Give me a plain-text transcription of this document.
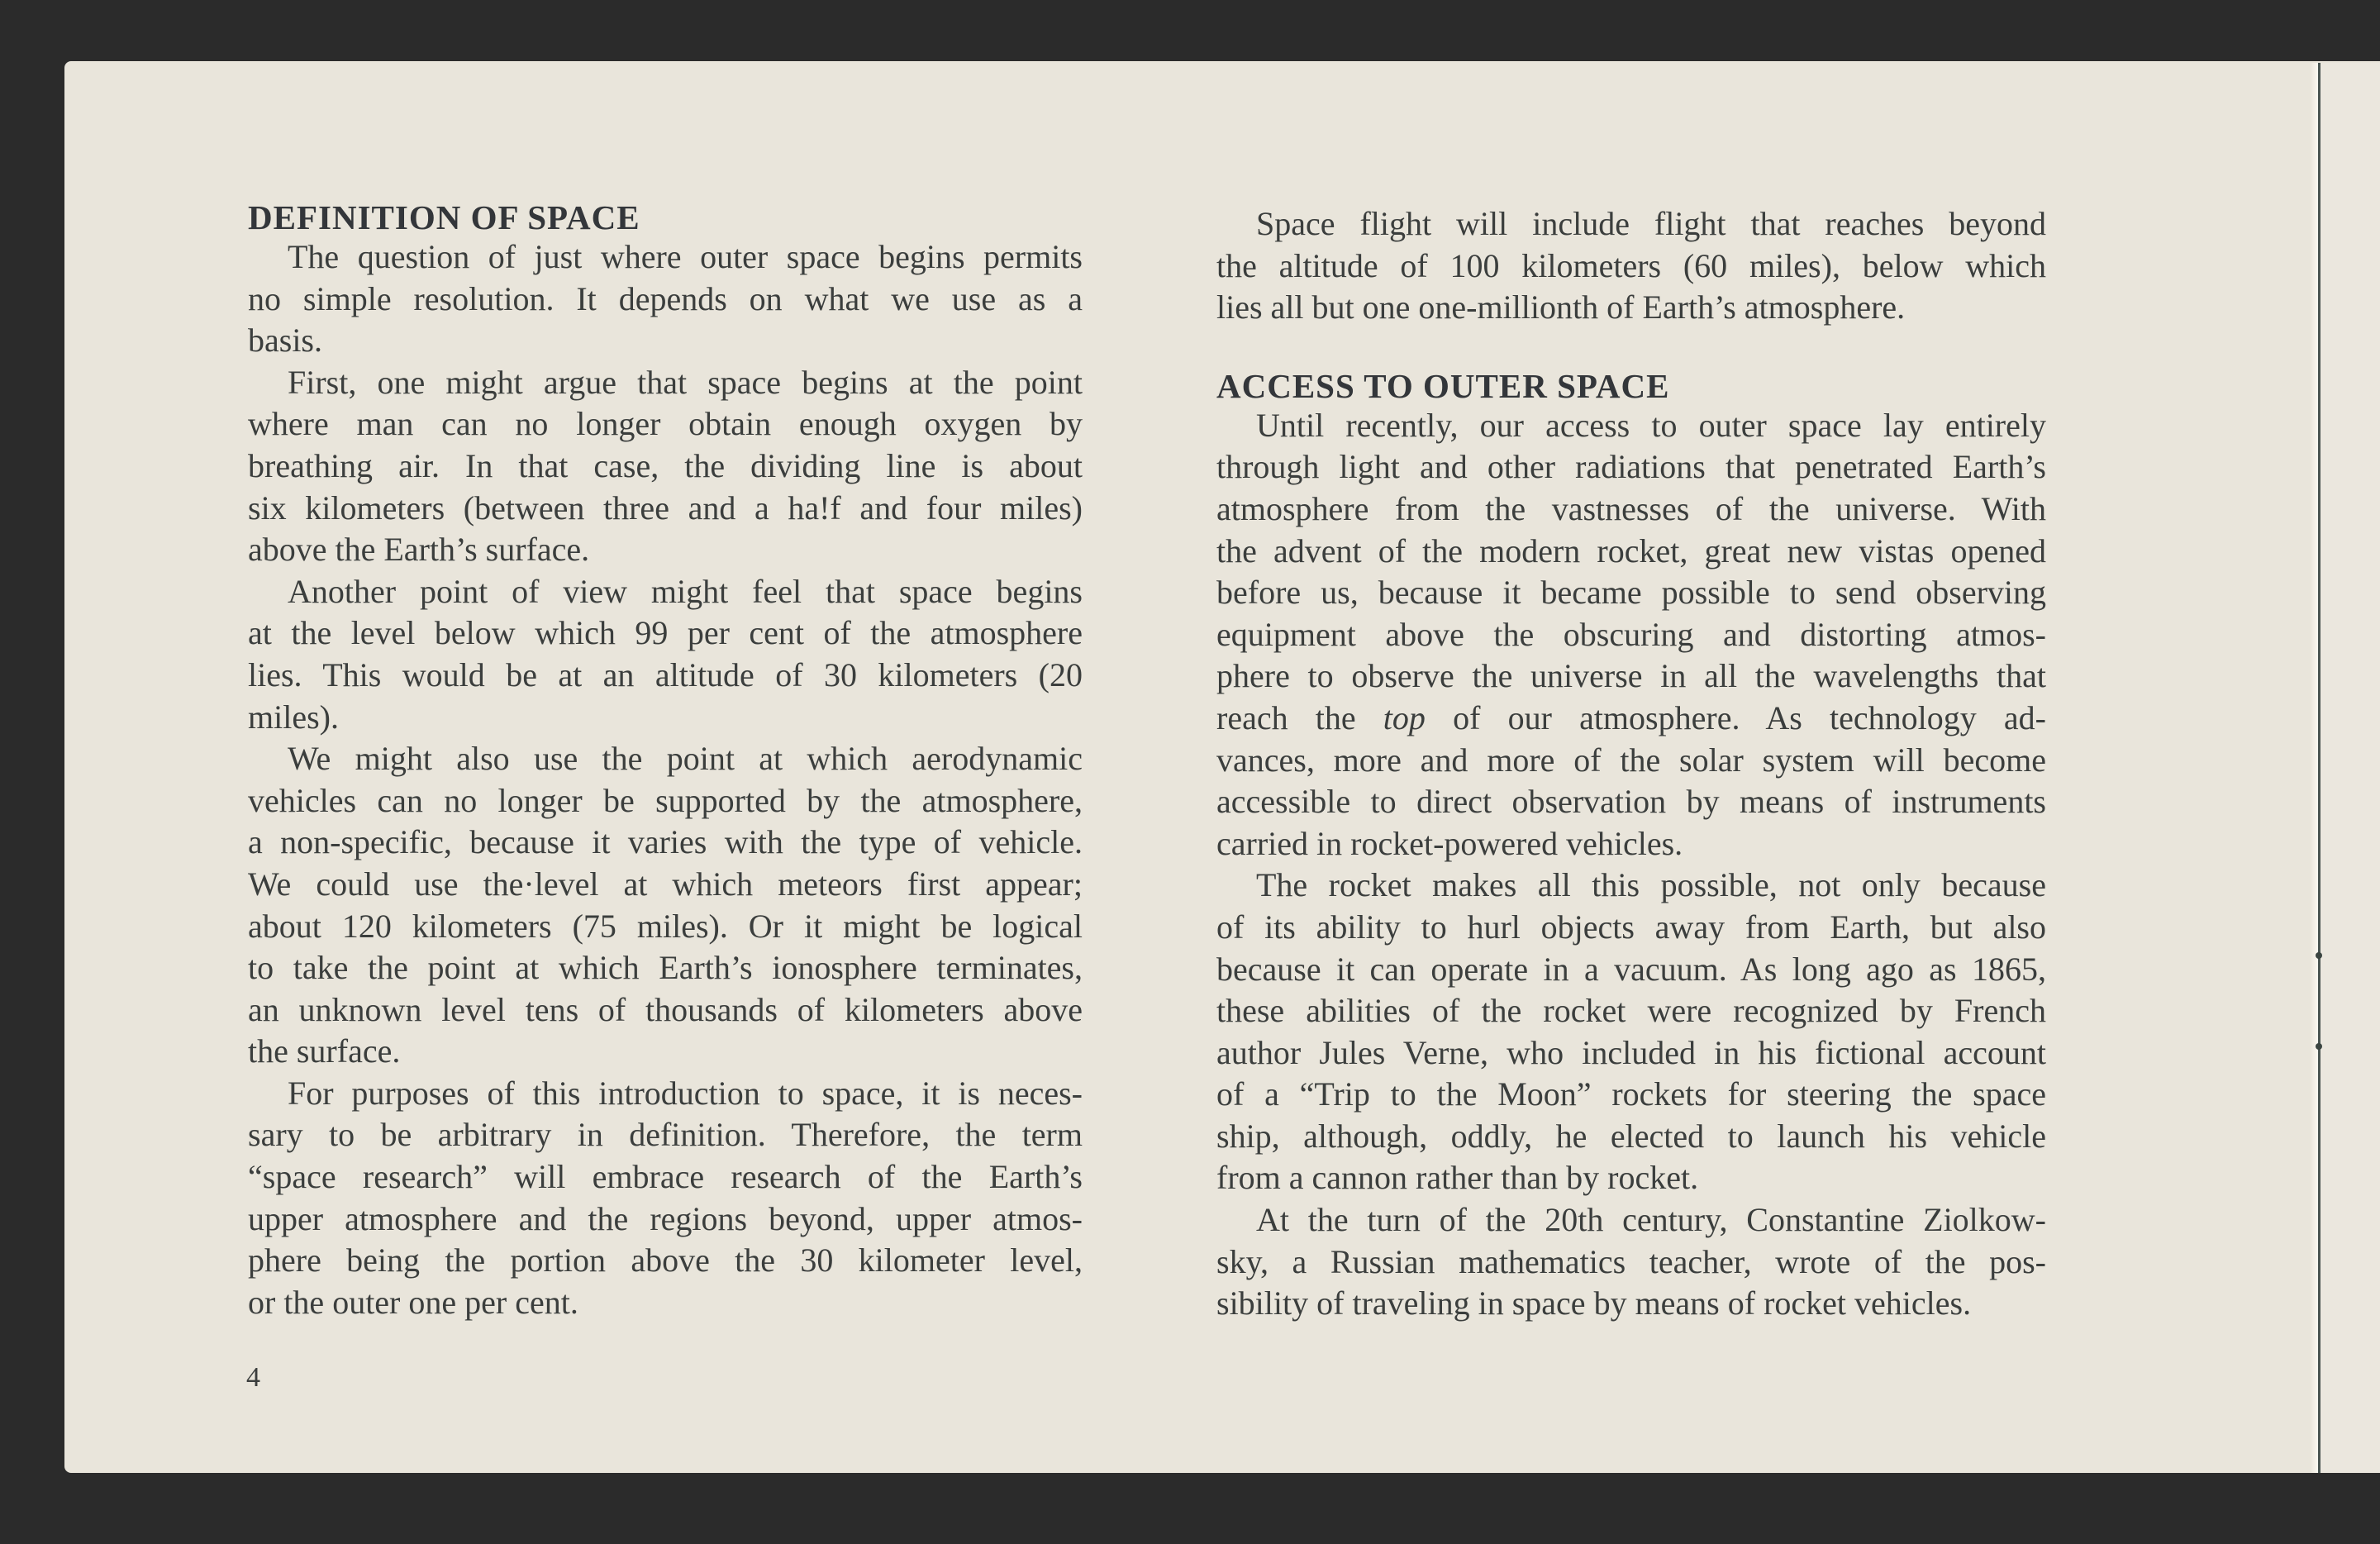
DEFINITION OF SPACE
The question of just where outer space begins permits
no simple resolution. It depends on what we use as a
basis.
First, one might argue that space begins at the point
where man can no longer obtain enough oxygen by
breathing air. In that case, the dividing line is about
six kilometers (between three and a ha!f and four miles)
above the Earth’s surface.
Another point of view might feel that space begins
at the level below which 99 per cent of the atmosphere
lies. This would be at an altitude of 30 kilometers (20
miles).
We might also use the point at which aerodynamic
vehicles can no longer be supported by the atmosphere,
a non-specific, because it varies with the type of vehicle.
We could use the·level at which meteors first appear;
about 120 kilometers (75 miles). Or it might be logical
to take the point at which Earth’s ionosphere terminates,
an unknown level tens of thousands of kilometers above
the surface.
For purposes of this introduction to space, it is neces-
sary to be arbitrary in definition. Therefore, the term
“space research” will embrace research of the Earth’s
upper atmosphere and the regions beyond, upper atmos-
phere being the portion above the 30 kilometer level,
or the outer one per cent.
Space flight will include flight that reaches beyond
the altitude of 100 kilometers (60 miles), below which
lies all but one one-millionth of Earth’s atmosphere.
ACCESS TO OUTER SPACE
Until recently, our access to outer space lay entirely
through light and other radiations that penetrated Earth’s
atmosphere from the vastnesses of the universe. With
the advent of the modern rocket, great new vistas opened
before us, because it became possible to send observing
equipment above the obscuring and distorting atmos-
phere to observe the universe in all the wavelengths that
reach the top of our atmosphere. As technology ad-
vances, more and more of the solar system will become
accessible to direct observation by means of instruments
carried in rocket-powered vehicles.
The rocket makes all this possible, not only because
of its ability to hurl objects away from Earth, but also
because it can operate in a vacuum. As long ago as 1865,
these abilities of the rocket were recognized by French
author Jules Verne, who included in his fictional account
of a “Trip to the Moon” rockets for steering the space
ship, although, oddly, he elected to launch his vehicle
from a cannon rather than by rocket.
At the turn of the 20th century, Constantine Ziolkow-
sky, a Russian mathematics teacher, wrote of the pos-
sibility of traveling in space by means of rocket vehicles.
4
